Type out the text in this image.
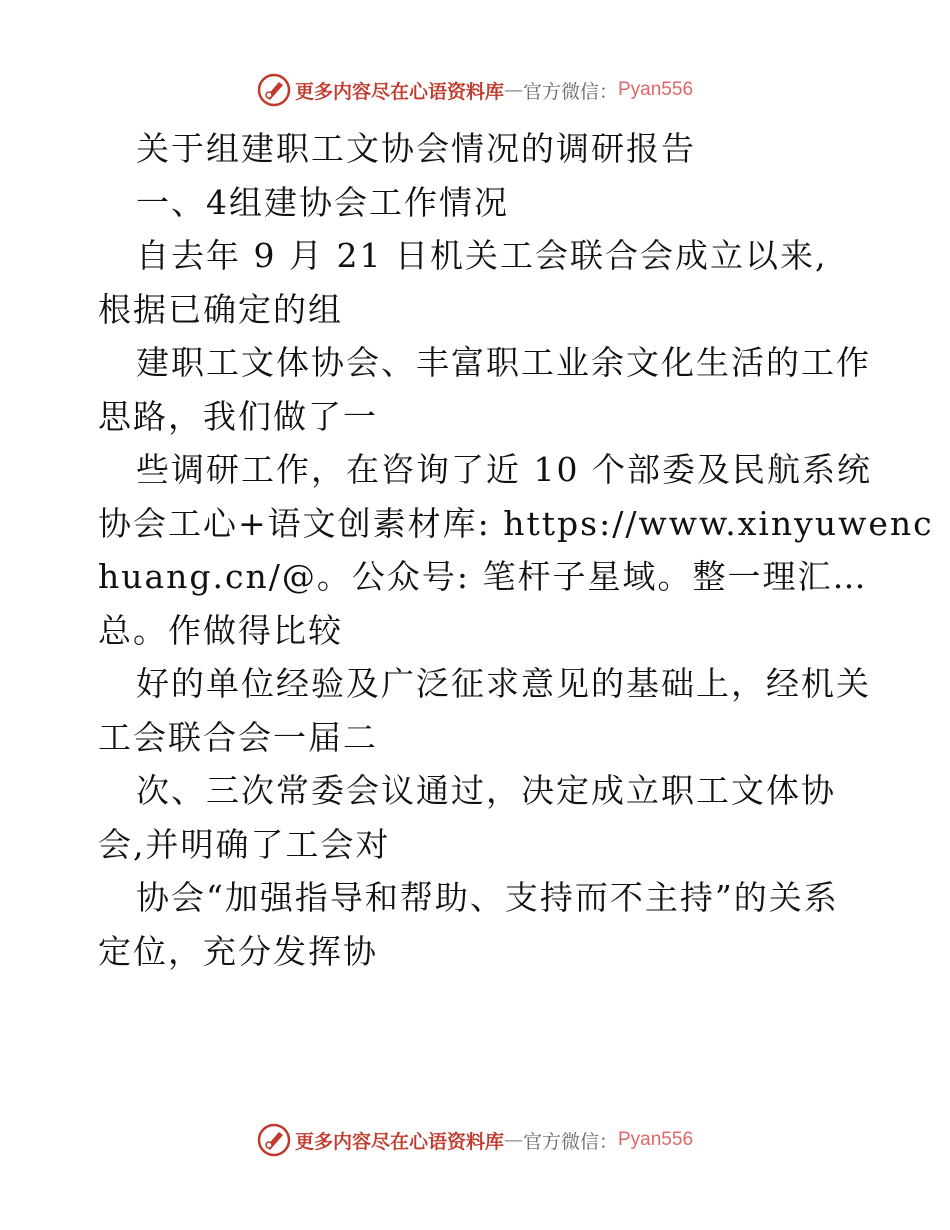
更多内容尽在心语资料库 — 官方微信： Pyan556
关于组建职工文协会情况的调研报告
一、4组建协会工作情况
自去年 9 月 21 日机关工会联合会成立以来,
根据已确定的组
建职工文体协会、丰富职工业余文化生活的工作
思路，我们做了一
些调研工作，在咨询了近 10 个部委及民航系统
协会工心+语文创素材库: https://www.xinyuwenc
huang.cn/@。公众号: 笔杆子星域。整一理汇…
总。作做得比较
好的单位经验及广泛征求意见的基础上，经机关
工会联合会一届二
次、三次常委会议通过，决定成立职工文体协
会,并明确了工会对
协会“加强指导和帮助、支持而不主持”的关系
定位，充分发挥协
更多内容尽在心语资料库 — 官方微信： Pyan556
